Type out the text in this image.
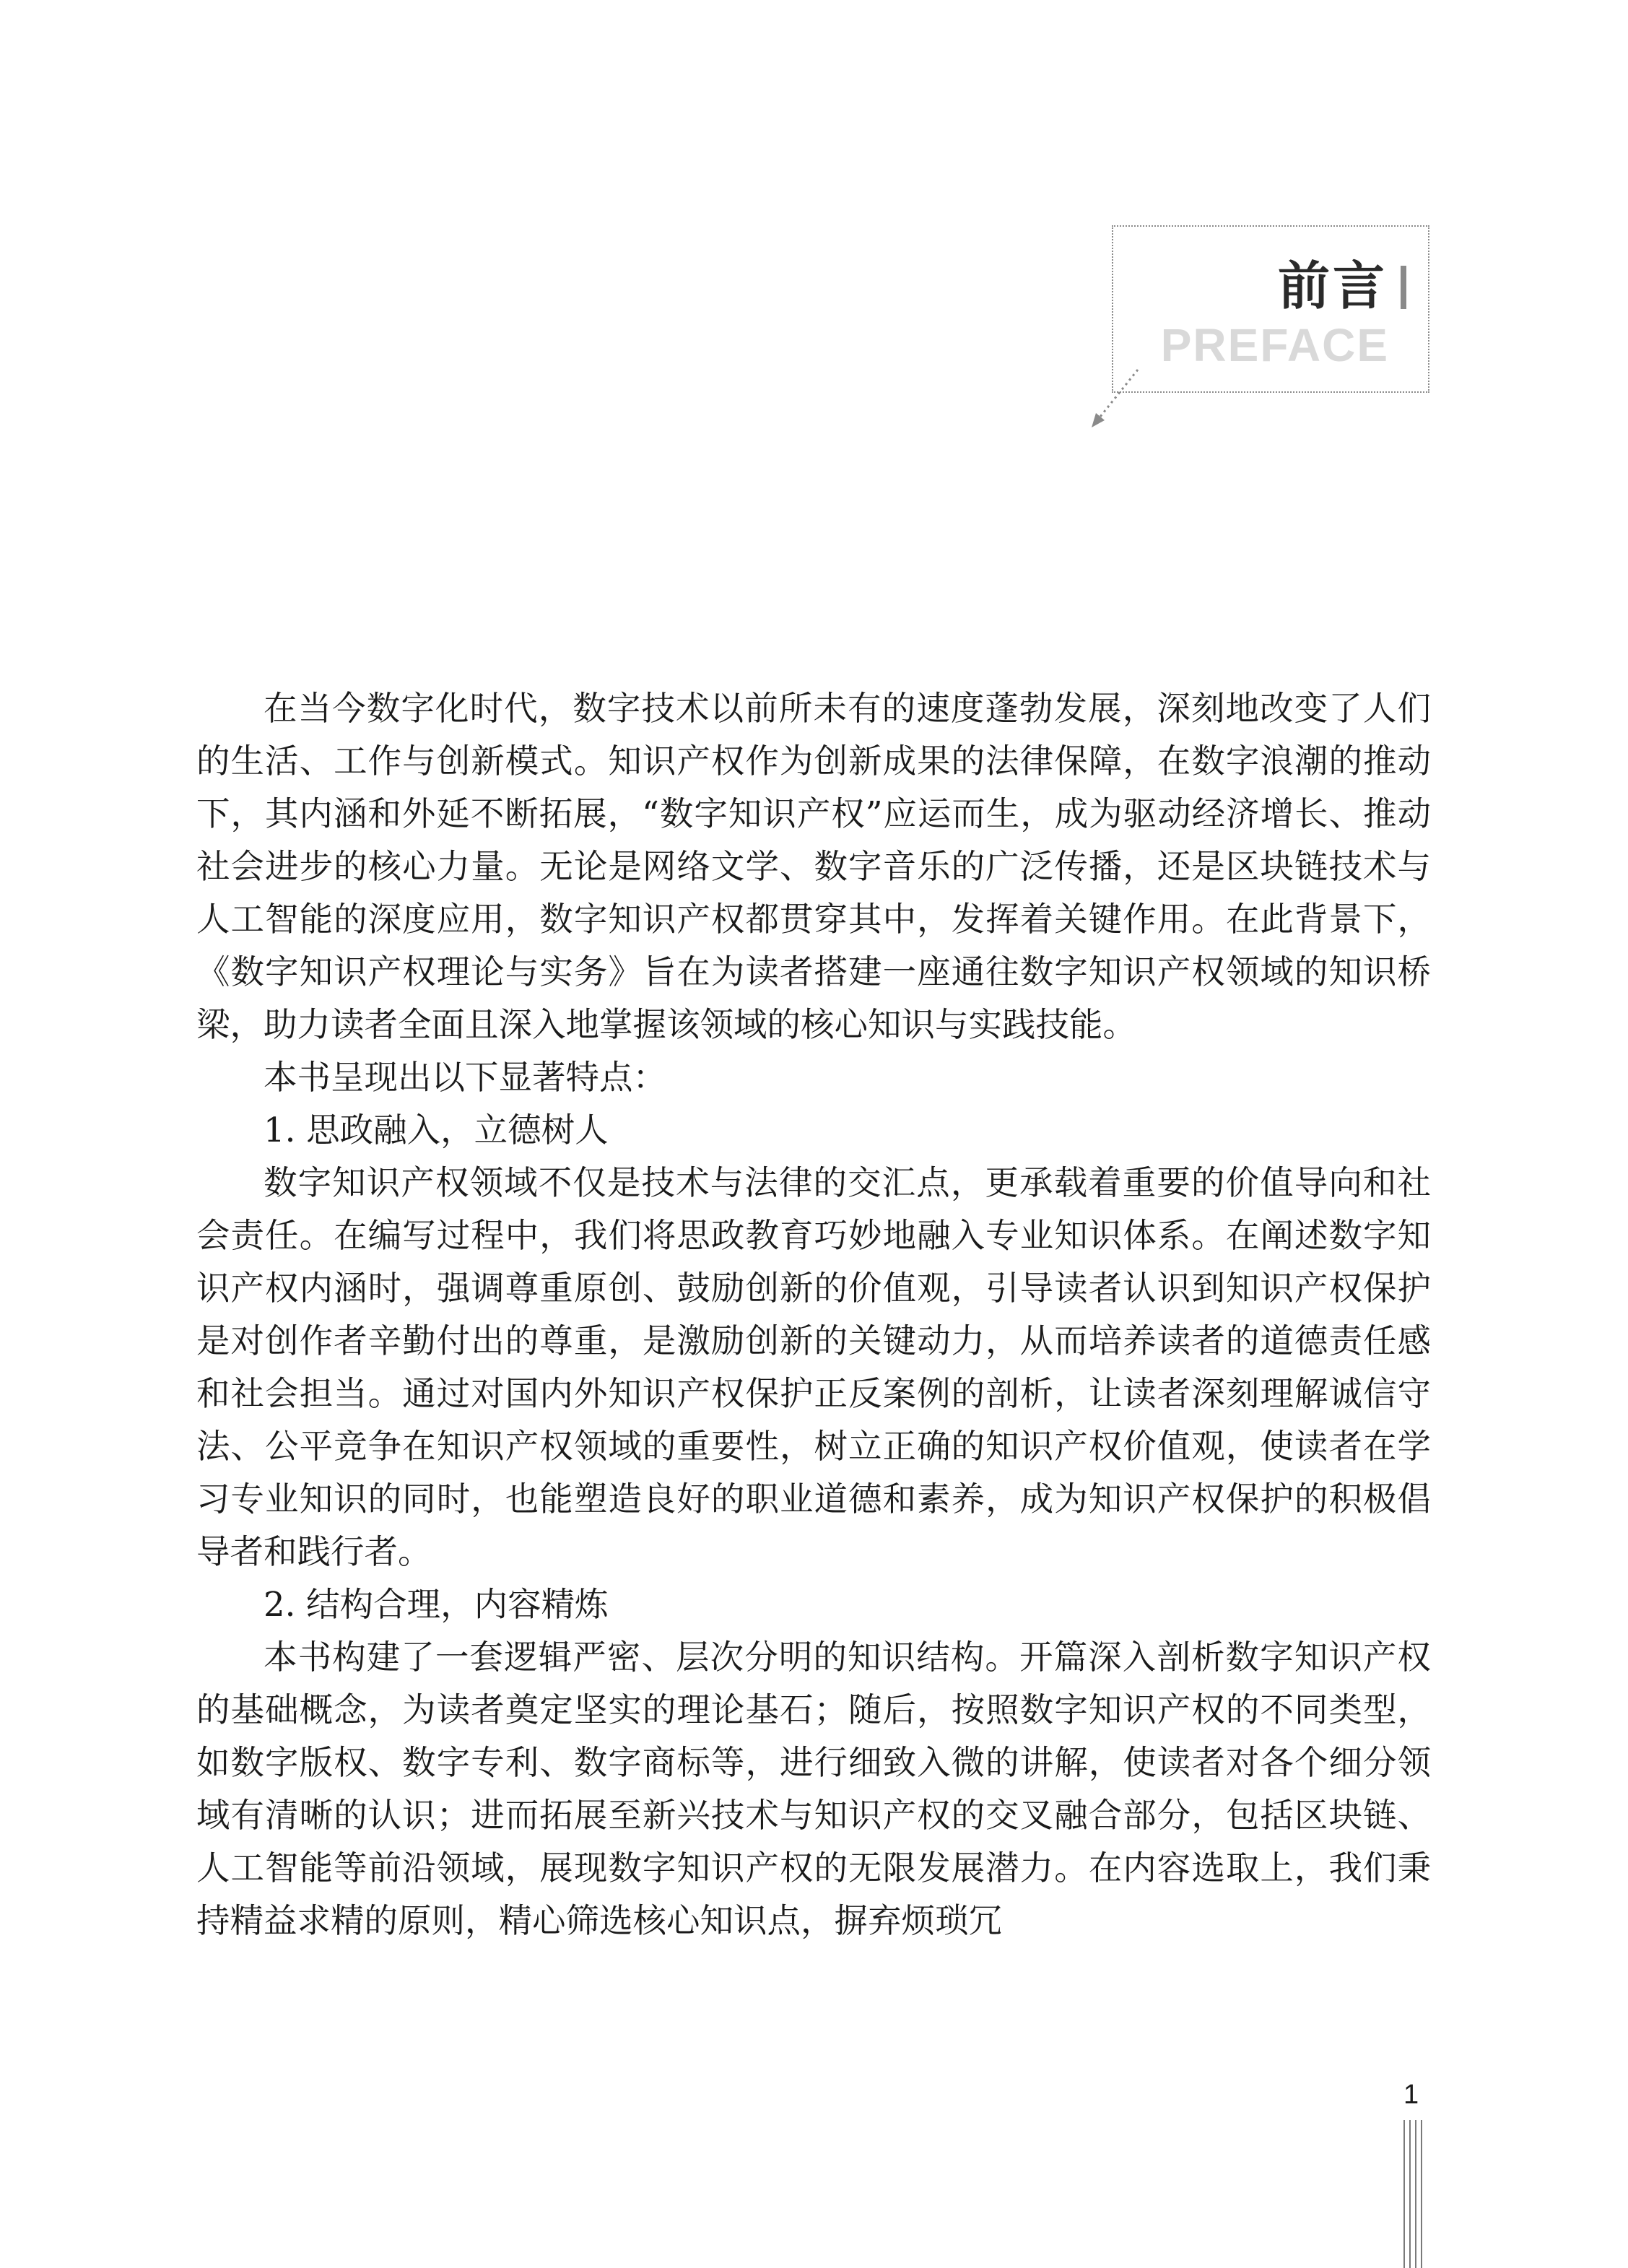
前言
PREFACE

在当今数字化时代，数字技术以前所未有的速度蓬勃发展，深刻地改变了人们的生活、工作与创新模式。知识产权作为创新成果的法律保障，在数字浪潮的推动下，其内涵和外延不断拓展，“数字知识产权”应运而生，成为驱动经济增长、推动社会进步的核心力量。无论是网络文学、数字音乐的广泛传播，还是区块链技术与人工智能的深度应用，数字知识产权都贯穿其中，发挥着关键作用。在此背景下，《数字知识产权理论与实务》旨在为读者搭建一座通往数字知识产权领域的知识桥梁，助力读者全面且深入地掌握该领域的核心知识与实践技能。

本书呈现出以下显著特点：

1. 思政融入，立德树人

数字知识产权领域不仅是技术与法律的交汇点，更承载着重要的价值导向和社会责任。在编写过程中，我们将思政教育巧妙地融入专业知识体系。在阐述数字知识产权内涵时，强调尊重原创、鼓励创新的价值观，引导读者认识到知识产权保护是对创作者辛勤付出的尊重，是激励创新的关键动力，从而培养读者的道德责任感和社会担当。通过对国内外知识产权保护正反案例的剖析，让读者深刻理解诚信守法、公平竞争在知识产权领域的重要性，树立正确的知识产权价值观，使读者在学习专业知识的同时，也能塑造良好的职业道德和素养，成为知识产权保护的积极倡导者和践行者。

2. 结构合理，内容精炼

本书构建了一套逻辑严密、层次分明的知识结构。开篇深入剖析数字知识产权的基础概念，为读者奠定坚实的理论基石；随后，按照数字知识产权的不同类型，如数字版权、数字专利、数字商标等，进行细致入微的讲解，使读者对各个细分领域有清晰的认识；进而拓展至新兴技术与知识产权的交叉融合部分，包括区块链、人工智能等前沿领域，展现数字知识产权的无限发展潜力。在内容选取上，我们秉持精益求精的原则，精心筛选核心知识点，摒弃烦琐冗

1
